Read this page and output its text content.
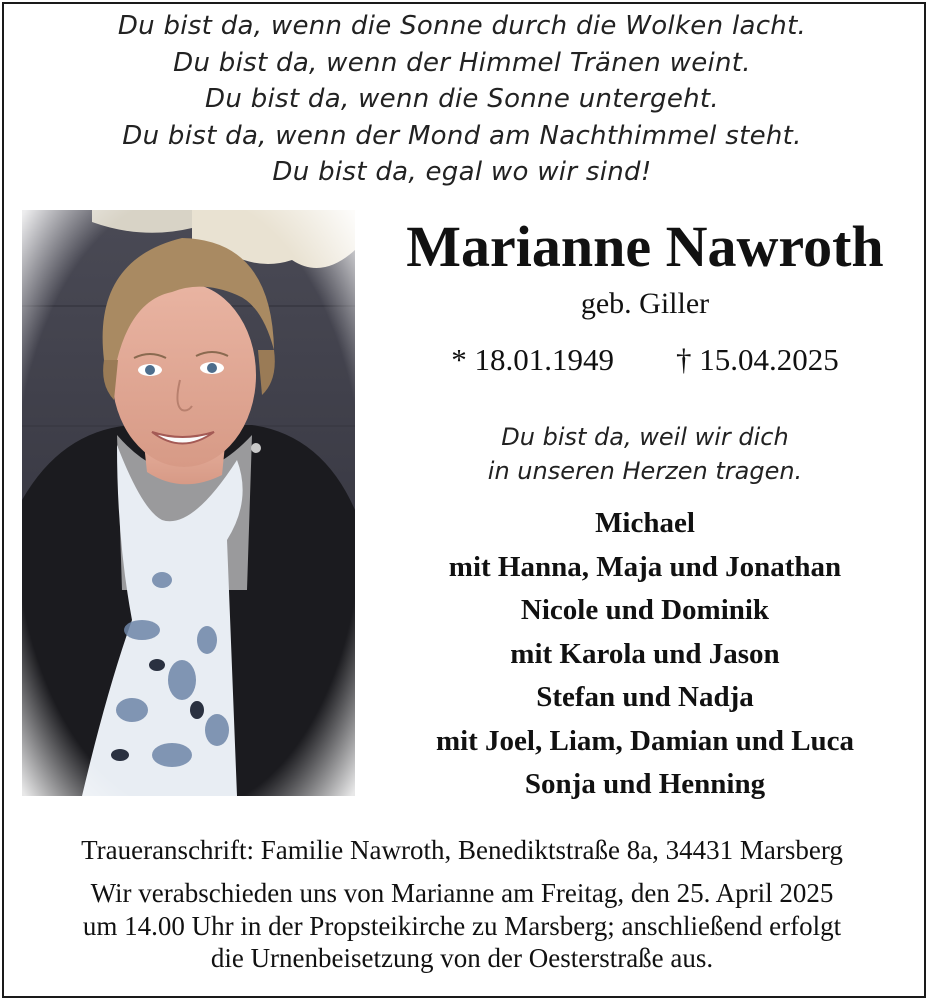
Du bist da, wenn die Sonne durch die Wolken lacht.
Du bist da, wenn der Himmel Tränen weint.
Du bist da, wenn die Sonne untergeht.
Du bist da, wenn der Mond am Nachthimmel steht.
Du bist da, egal wo wir sind!
Marianne Nawroth
geb. Giller
* 18.01.1949 † 15.04.2025
Du bist da, weil wir dich
in unseren Herzen tragen.
Michael
mit Hanna, Maja und Jonathan
Nicole und Dominik
mit Karola und Jason
Stefan und Nadja
mit Joel, Liam, Damian und Luca
Sonja und Henning
Traueranschrift: Familie Nawroth, Benediktstraße 8a, 34431 Marsberg
Wir verabschieden uns von Marianne am Freitag, den 25. April 2025
um 14.00 Uhr in der Propsteikirche zu Marsberg; anschließend erfolgt
die Urnenbeisetzung von der Oesterstraße aus.
